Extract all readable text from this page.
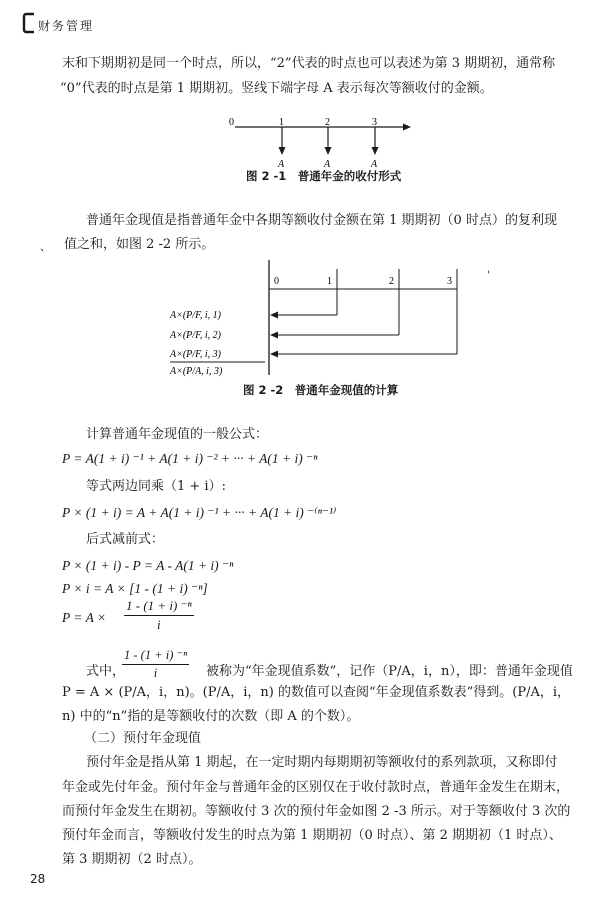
财务管理
末和下期期初是同一个时点，所以，“2”代表的时点也可以表述为第 3 期期初，通常称
“0”代表的时点是第 1 期期初。竖线下端字母 A 表示每次等额收付的金额。
0	1	2	3
A	A	A
图 2 -1　普通年金的收付形式
普通年金现值是指普通年金中各期等额收付金额在第 1 期期初（0 时点）的复利现
、 值之和，如图 2 -2 所示。
0	1	2	3
A×(P/F, i, 1)
A×(P/F, i, 2)
A×(P/F, i, 3)
A×(P/A, i, 3)
'
图 2 -2　普通年金现值的计算
计算普通年金现值的一般公式：
P = A(1 + i) ⁻¹ + A(1 + i) ⁻² + ··· + A(1 + i) ⁻ⁿ
等式两边同乘（1 + i）:
P × (1 + i) = A + A(1 + i) ⁻¹ + ··· + A(1 + i) ⁻⁽ⁿ⁻¹⁾
后式减前式：
P × (1 + i) - P = A - A(1 + i) ⁻ⁿ
P × i = A × [1 - (1 + i) ⁻ⁿ]
$P = A \times \frac{\text{1 - (1 + i) ⁻ⁿ}}{i}$
式中，
$\frac{\text{1 - (1 + i) ⁻ⁿ}}{i}$ 被称为“年金现值系数”，记作（P/A，i，n），即：普通年金现值
P = A × (P/A，i，n)。(P/A，i，n) 的数值可以查阅“年金现值系数表”得到。(P/A，i，
n) 中的“n”指的是等额收付的次数（即 A 的个数）。
（二）预付年金现值
预付年金是指从第 1 期起，在一定时期内每期期初等额收付的系列款项，又称即付
年金或先付年金。预付年金与普通年金的区别仅在于收付款时点，普通年金发生在期末，
而预付年金发生在期初。等额收付 3 次的预付年金如图 2 -3 所示。对于等额收付 3 次的
预付年金而言，等额收付发生的时点为第 1 期期初（0 时点）、第 2 期期初（1 时点）、
第 3 期期初（2 时点）。
28
